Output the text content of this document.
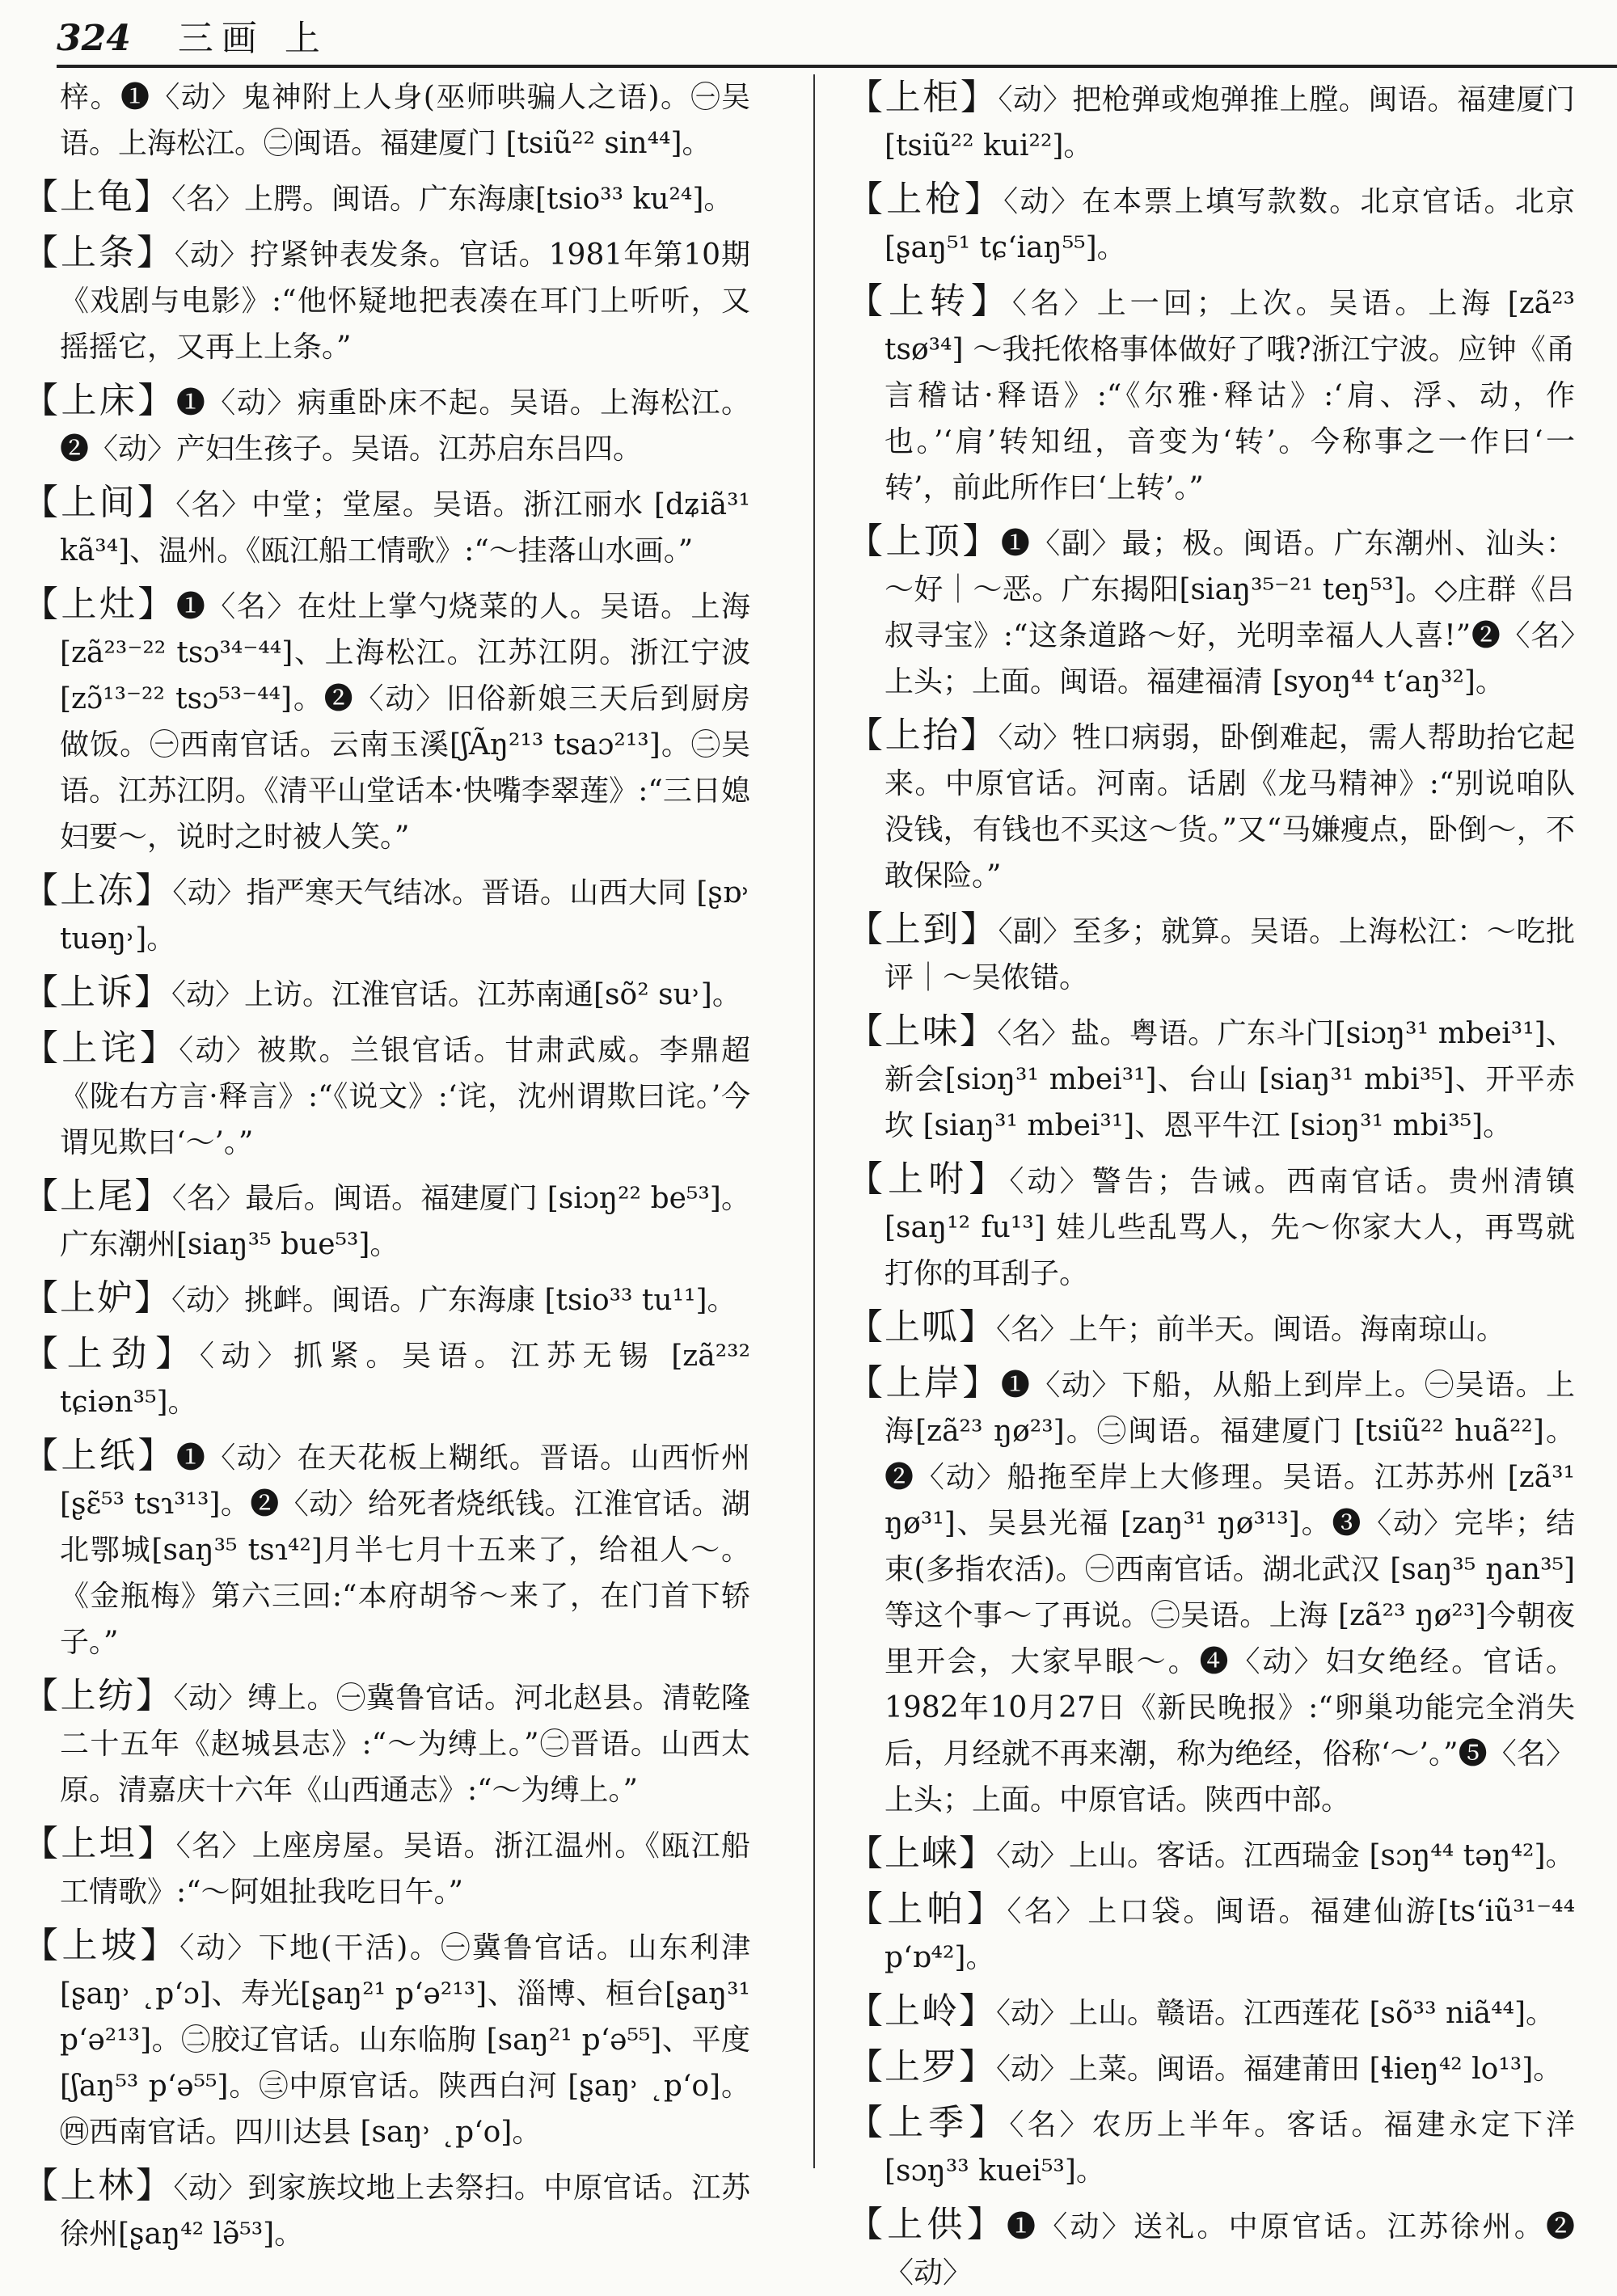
324 三画 上

梓。❶〈动〉鬼神附上人身(巫师哄骗人之语)。㊀吴语。上海松江。㊁闽语。福建厦门 [tsiũ²² sin⁴⁴]。

【上龟】〈名〉上腭。闽语。广东海康[tsio³³ ku²⁴]。

【上条】〈动〉拧紧钟表发条。官话。1981年第10期《戏剧与电影》:“他怀疑地把表凑在耳门上听听，又摇摇它，又再上上条。”

【上床】❶〈动〉病重卧床不起。吴语。上海松江。❷〈动〉产妇生孩子。吴语。江苏启东吕四。

【上间】〈名〉中堂；堂屋。吴语。浙江丽水 [dʑiã³¹ kã³⁴]、温州。《瓯江船工情歌》:“～挂落山水画。”

【上灶】❶〈名〉在灶上掌勺烧菜的人。吴语。上海 [zã²³⁻²² tsɔ³⁴⁻⁴⁴]、上海松江。江苏江阴。浙江宁波 [zɔ̃¹³⁻²² tsɔ⁵³⁻⁴⁴]。❷〈动〉旧俗新娘三天后到厨房做饭。㊀西南官话。云南玉溪[ʃÃŋ²¹³ tsaɔ²¹³]。㊁吴语。江苏江阴。《清平山堂话本·快嘴李翠莲》:“三日媳妇要～，说时之时被人笑。”

【上冻】〈动〉指严寒天气结冰。晋语。山西大同 [ʂɒ˒ tuəŋ˒]。

【上诉】〈动〉上访。江淮官话。江苏南通[sõ² su˒]。

【上诧】〈动〉被欺。兰银官话。甘肃武威。李鼎超《陇右方言·释言》:“《说文》:‘诧，沈州谓欺曰诧。’今谓见欺曰‘～’。”

【上尾】〈名〉最后。闽语。福建厦门 [siɔŋ²² be⁵³]。广东潮州[siaŋ³⁵ bue⁵³]。

【上妒】〈动〉挑衅。闽语。广东海康 [tsio³³ tu¹¹]。

【上劲】〈动〉抓紧。吴语。江苏无锡 [zã²³² tɕiən³⁵]。

【上纸】❶〈动〉在天花板上糊纸。晋语。山西忻州 [ʂɛ̃⁵³ tsɿ³¹³]。❷〈动〉给死者烧纸钱。江淮官话。湖北鄂城[saŋ³⁵ tsɿ⁴²]月半七月十五来了，给祖人～。《金瓶梅》第六三回:“本府胡爷～来了，在门首下轿子。”

【上纺】〈动〉缚上。㊀冀鲁官话。河北赵县。清乾隆二十五年《赵城县志》:“～为缚上。”㊁晋语。山西太原。清嘉庆十六年《山西通志》:“～为缚上。”

【上坦】〈名〉上座房屋。吴语。浙江温州。《瓯江船工情歌》:“～阿姐扯我吃日午。”

【上坡】〈动〉下地(干活)。㊀冀鲁官话。山东利津[ʂaŋ˒ ˛p‘ɔ]、寿光[ʂaŋ²¹ p‘ə²¹³]、淄博、桓台[ʂaŋ³¹ p‘ə²¹³]。㊁胶辽官话。山东临朐 [saŋ²¹ p‘ə⁵⁵]、平度 [ʃaŋ⁵³ p‘ə⁵⁵]。㊂中原官话。陕西白河 [ʂaŋ˒ ˛p‘o]。㊃西南官话。四川达县 [saŋ˒ ˛p‘o]。

【上林】〈动〉到家族坟地上去祭扫。中原官话。江苏徐州[ʂaŋ⁴² lə̃⁵³]。

【上柜】〈动〉把枪弹或炮弹推上膛。闽语。福建厦门 [tsiũ²² kui²²]。

【上枪】〈动〉在本票上填写款数。北京官话。北京 [ʂaŋ⁵¹ tɕ‘iaŋ⁵⁵]。

【上转】〈名〉上一回；上次。吴语。上海 [zã²³ tsø³⁴] ～我托侬格事体做好了哦?浙江宁波。应钟《甬言稽诂·释语》:“《尔雅·释诂》:‘肩、浮、动，作也。’‘肩’转知纽，音变为‘转’。今称事之一作曰‘一转’，前此所作曰‘上转’。”

【上顶】❶〈副〉最；极。闽语。广东潮州、汕头：～好｜～恶。广东揭阳[siaŋ³⁵⁻²¹ teŋ⁵³]。◇庄群《吕叔寻宝》:“这条道路～好，光明幸福人人喜!”❷〈名〉上头；上面。闽语。福建福清 [syoŋ⁴⁴ t‘aŋ³²]。

【上抬】〈动〉牲口病弱，卧倒难起，需人帮助抬它起来。中原官话。河南。话剧《龙马精神》:“别说咱队没钱，有钱也不买这～货。”又“马嫌瘦点，卧倒～，不敢保险。”

【上到】〈副〉至多；就算。吴语。上海松江：～吃批评｜～吴侬错。

【上味】〈名〉盐。粤语。广东斗门[siɔŋ³¹ mbei³¹]、新会[siɔŋ³¹ mbei³¹]、台山 [siaŋ³¹ mbi³⁵]、开平赤坎 [siaŋ³¹ mbei³¹]、恩平牛江 [siɔŋ³¹ mbi³⁵]。

【上咐】〈动〉警告；告诫。西南官话。贵州清镇 [saŋ¹² fu¹³] 娃儿些乱骂人，先～你家大人，再骂就打你的耳刮子。

【上呱】〈名〉上午；前半天。闽语。海南琼山。

【上岸】❶〈动〉下船，从船上到岸上。㊀吴语。上海[zã²³ ŋø²³]。㊁闽语。福建厦门 [tsiũ²² huã²²]。❷〈动〉船拖至岸上大修理。吴语。江苏苏州 [zã³¹ ŋø³¹]、吴县光福 [zaŋ³¹ ŋø³¹³]。❸〈动〉完毕；结束(多指农活)。㊀西南官话。湖北武汉 [saŋ³⁵ ŋan³⁵] 等这个事～了再说。㊁吴语。上海 [zã²³ ŋø²³]今朝夜里开会，大家早眼～。❹〈动〉妇女绝经。官话。1982年10月27日《新民晚报》:“卵巢功能完全消失后，月经就不再来潮，称为绝经，俗称‘～’。”❺〈名〉上头；上面。中原官话。陕西中部。

【上崃】〈动〉上山。客话。江西瑞金 [sɔŋ⁴⁴ təŋ⁴²]。

【上帕】〈名〉上口袋。闽语。福建仙游[ts‘iũ³¹⁻⁴⁴ p‘ɒ⁴²]。

【上岭】〈动〉上山。赣语。江西莲花 [sõ³³ niã⁴⁴]。

【上罗】〈动〉上菜。闽语。福建莆田 [ɬieŋ⁴² lo¹³]。

【上季】〈名〉农历上半年。客话。福建永定下洋 [sɔŋ³³ kuei⁵³]。

【上供】❶〈动〉送礼。中原官话。江苏徐州。❷〈动〉
